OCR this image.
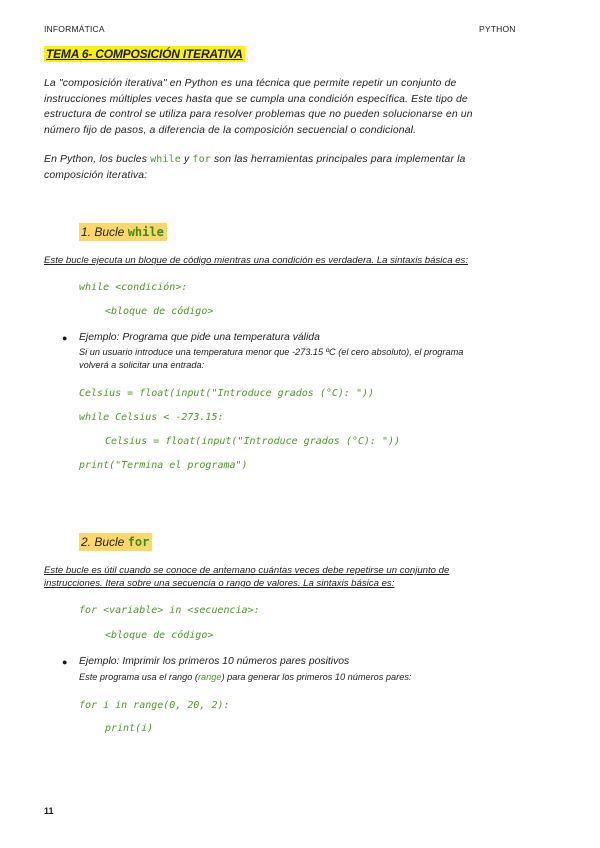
INFORMÁTICA	PYTHON
TEMA 6- COMPOSICIÓN ITERATIVA
La "composición iterativa" en Python es una técnica que permite repetir un conjunto de
instrucciones múltiples veces hasta que se cumpla una condición específica. Este tipo de
estructura de control se utiliza para resolver problemas que no pueden solucionarse en un
número fijo de pasos, a diferencia de la composición secuencial o condicional.
En Python, los bucles while y for son las herramientas principales para implementar la
composición iterativa:
1. Bucle while
Este bucle ejecuta un bloque de código mientras una condición es verdadera. La sintaxis básica es:
while <condición>:
<bloque de código>
● Ejemplo: Programa que pide una temperatura válida
Si un usuario introduce una temperatura menor que -273.15 ºC (el cero absoluto), el programa
volverá a solicitar una entrada:
Celsius = float(input("Introduce grados (°C): "))
while Celsius < -273.15:
Celsius = float(input("Introduce grados (°C): "))
print("Termina el programa")
2. Bucle for
Este bucle es útil cuando se conoce de antemano cuántas veces debe repetirse un conjunto de
instrucciones. Itera sobre una secuencia o rango de valores. La sintaxis básica es:
for <variable> in <secuencia>:
<bloque de código>
● Ejemplo: Imprimir los primeros 10 números pares positivos
Este programa usa el rango (range) para generar los primeros 10 números pares:
for i in range(0, 20, 2):
print(i)
11
